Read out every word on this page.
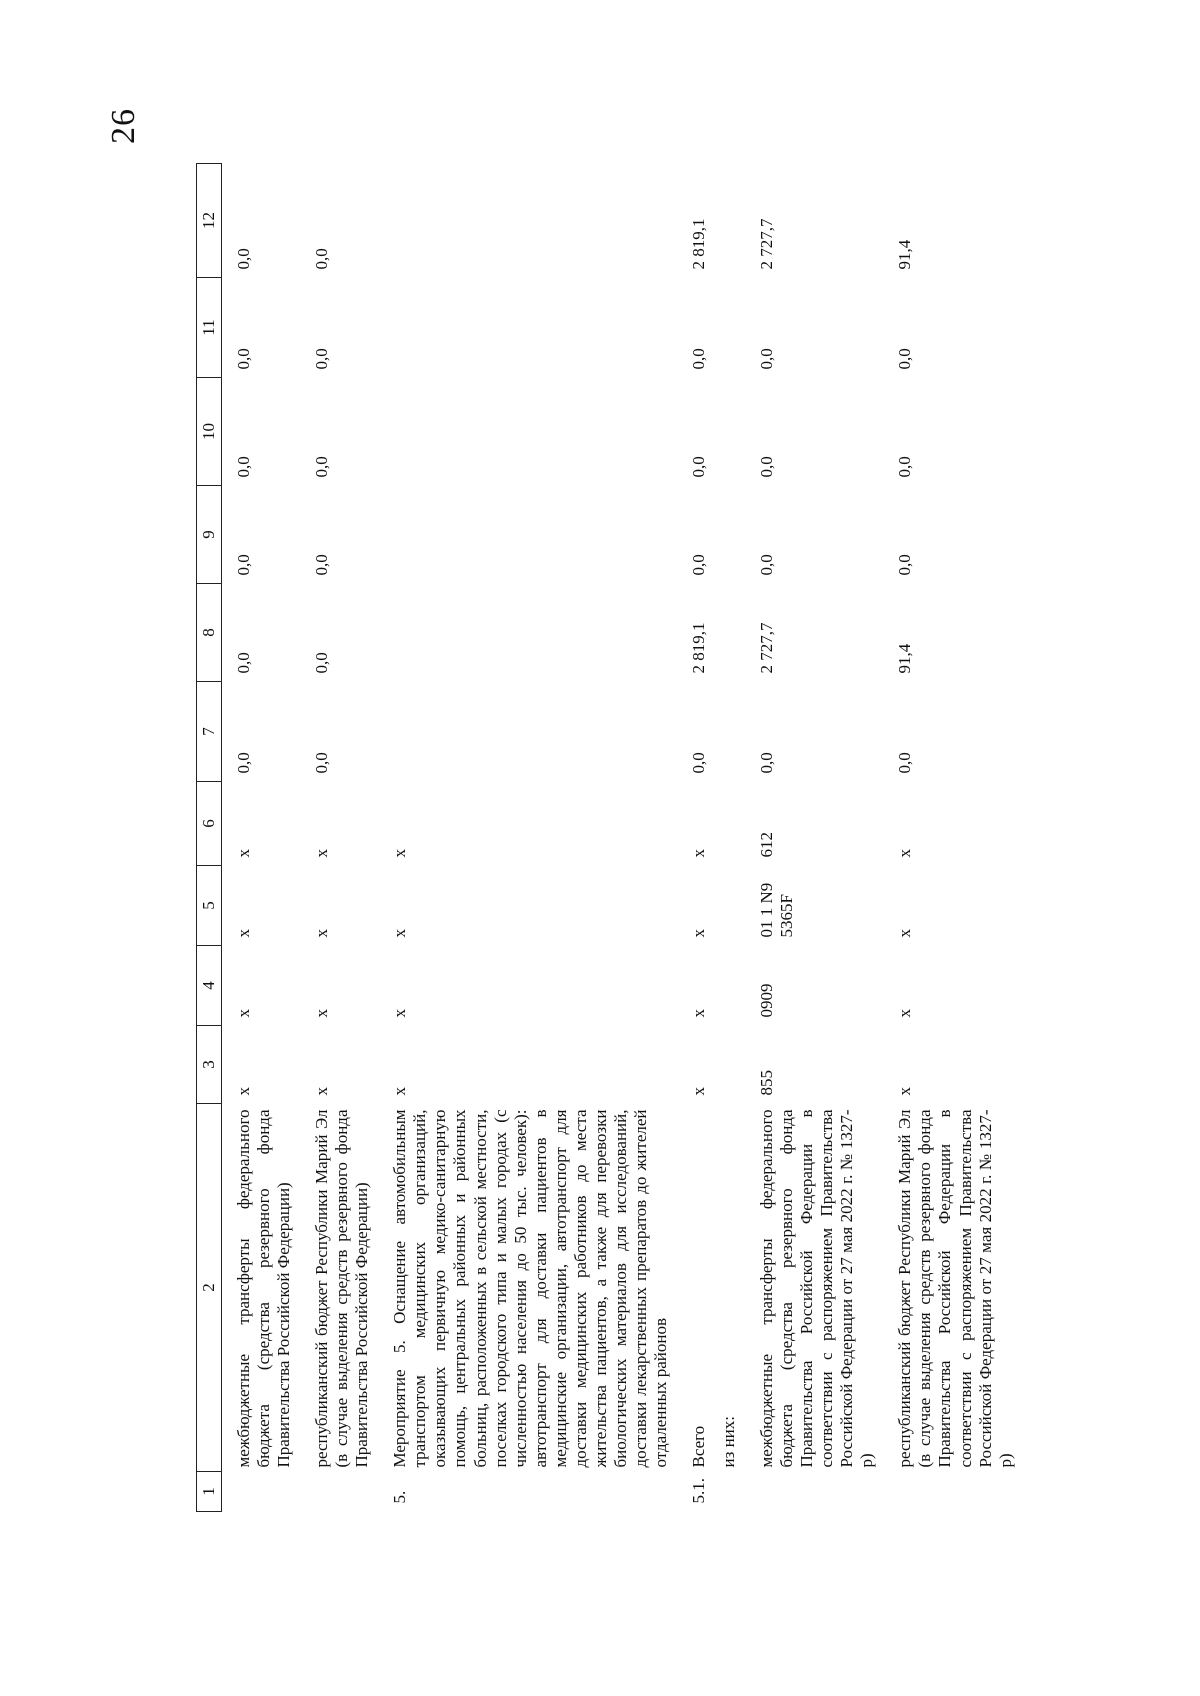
26
1	2	3	4	5	6	7	8	9	10	11	12
	межбюджетные трансферты федерального бюджета (средства резервного фонда Правительства Российской Федерации)	х	х	х	х	0,0	0,0	0,0	0,0	0,0	0,0
	республиканский бюджет Республики Марий Эл (в случае выделения средств резервного фонда Правительства Российской Федерации)	х	х	х	х	0,0	0,0	0,0	0,0	0,0	0,0
5.	Мероприятие 5. Оснащение автомобильным транспортом медицинских организаций, оказывающих первичную медико-санитарную помощь, центральных районных и районных больниц, расположенных в сельской местности, поселках городского типа и малых городах (с численностью населения до 50 тыс. человек): автотранспорт для доставки пациентов в медицинские организации, автотранспорт для доставки медицинских работников до места жительства пациентов, а также для перевозки биологических материалов для исследований, доставки лекарственных препаратов до жителей отдаленных районов	х	х	х	х						
5.1.	Всего	х	х	х	х	0,0	2 819,1	0,0	0,0	0,0	2 819,1
	из них:										
	межбюджетные трансферты федерального бюджета (средства резервного фонда Правительства Российской Федерации в соответствии с распоряжением Правительства Российской Федерации от 27 мая 2022 г. № 1327-р)	855	0909	01 1 N9 5365F	612	0,0	2 727,7	0,0	0,0	0,0	2 727,7
	республиканский бюджет Республики Марий Эл (в случае выделения средств резервного фонда Правительства Российской Федерации в соответствии с распоряжением Правительства Российской Федерации от 27 мая 2022 г. № 1327-р)	х	х	х	х	0,0	91,4	0,0	0,0	0,0	91,4
